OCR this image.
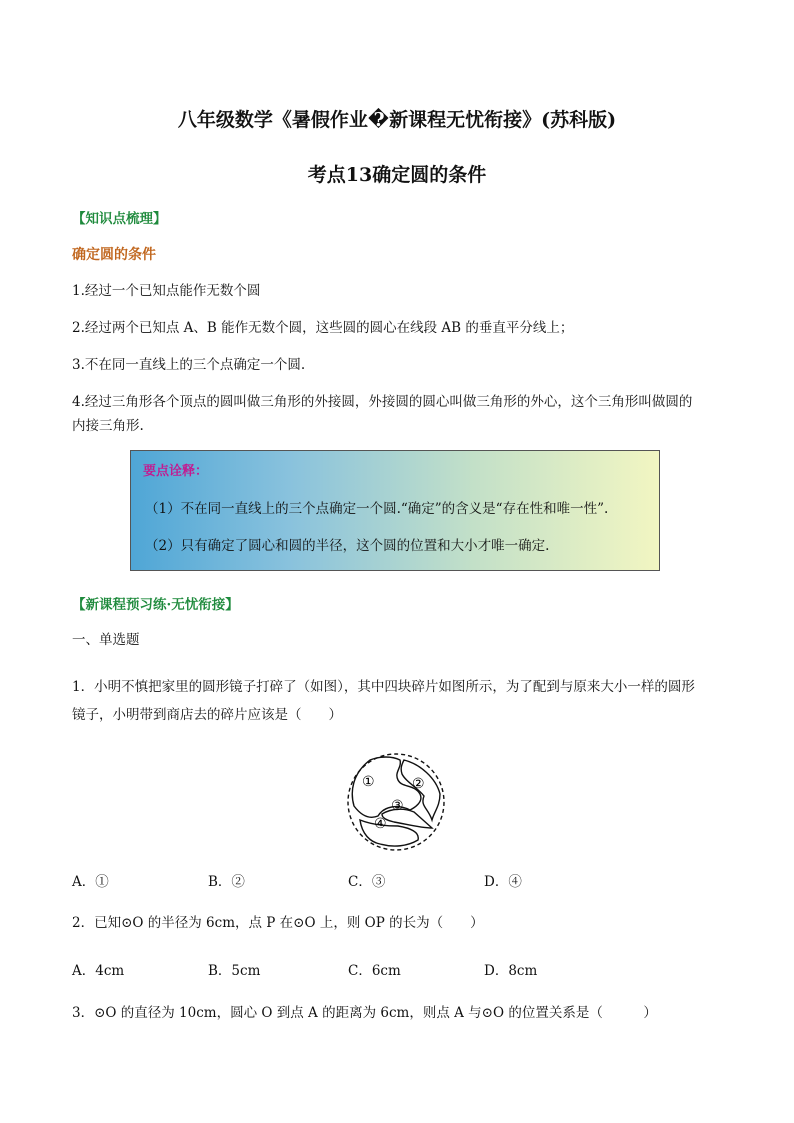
八年级数学《暑假作业�新课程无忧衔接》(苏科版)
考点13确定圆的条件
【知识点梳理】
确定圆的条件
1.经过一个已知点能作无数个圆
2.经过两个已知点 A、B 能作无数个圆，这些圆的圆心在线段 AB 的垂直平分线上；
3.不在同一直线上的三个点确定一个圆.
4.经过三角形各个顶点的圆叫做三角形的外接圆，外接圆的圆心叫做三角形的外心，这个三角形叫做圆的
内接三角形.
要点诠释：
（1）不在同一直线上的三个点确定一个圆.“确定”的含义是“存在性和唯一性”.
（2）只有确定了圆心和圆的半径，这个圆的位置和大小才唯一确定.
【新课程预习练·无忧衔接】
一、单选题
1．小明不慎把家里的圆形镜子打碎了（如图），其中四块碎片如图所示，为了配到与原来大小一样的圆形
镜子，小明带到商店去的碎片应该是（　　）
①	②
③
④
A．①	B．②	C．③	D．④
2．已知⊙O 的半径为 6cm，点 P 在⊙O 上，则 OP 的长为（　　）
A．4cm	B．5cm	C．6cm	D．8cm
3．⊙O 的直径为 10cm，圆心 O 到点 A 的距离为 6cm，则点 A 与⊙O 的位置关系是（　　　）
